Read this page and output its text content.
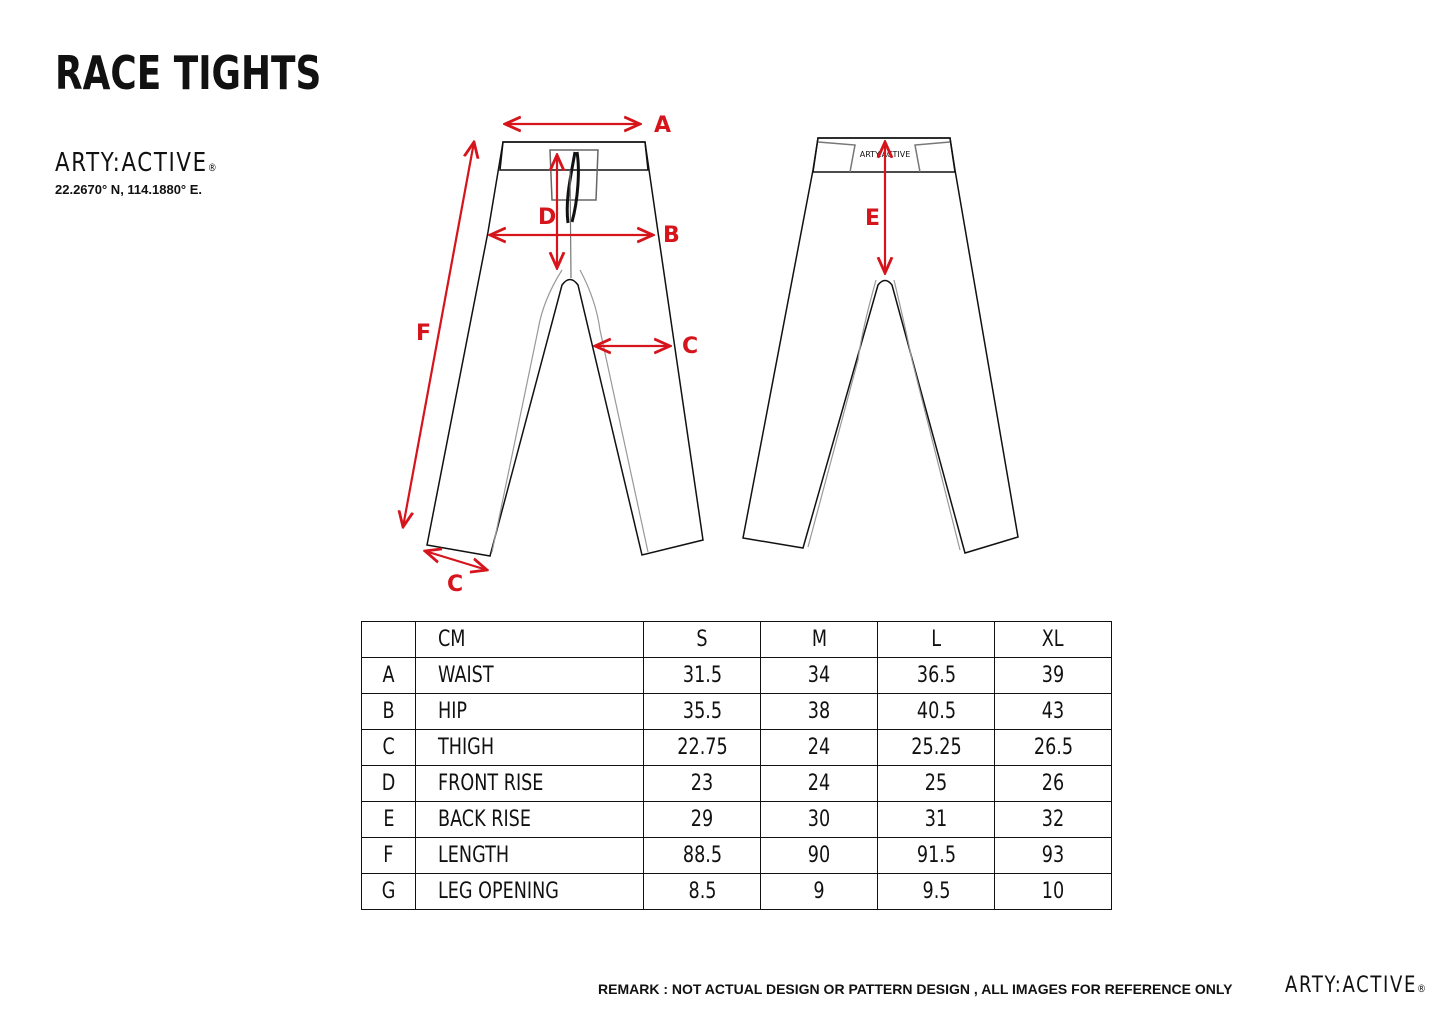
RACE TIGHTS
ARTY:ACTIVE®
22.2670° N, 114.1880° E.
ARTY:ACTIVE
A
B
C
D	E
F
C
	CM	S	M	L	XL
A	WAIST	31.5	34	36.5	39
B	HIP	35.5	38	40.5	43
C	THIGH	22.75	24	25.25	26.5
D	FRONT RISE	23	24	25	26
E	BACK RISE	29	30	31	32
F	LENGTH	88.5	90	91.5	93
G	LEG OPENING	8.5	9	9.5	10
REMARK : NOT ACTUAL DESIGN OR PATTERN DESIGN , ALL IMAGES FOR REFERENCE ONLY ARTY:ACTIVE®
